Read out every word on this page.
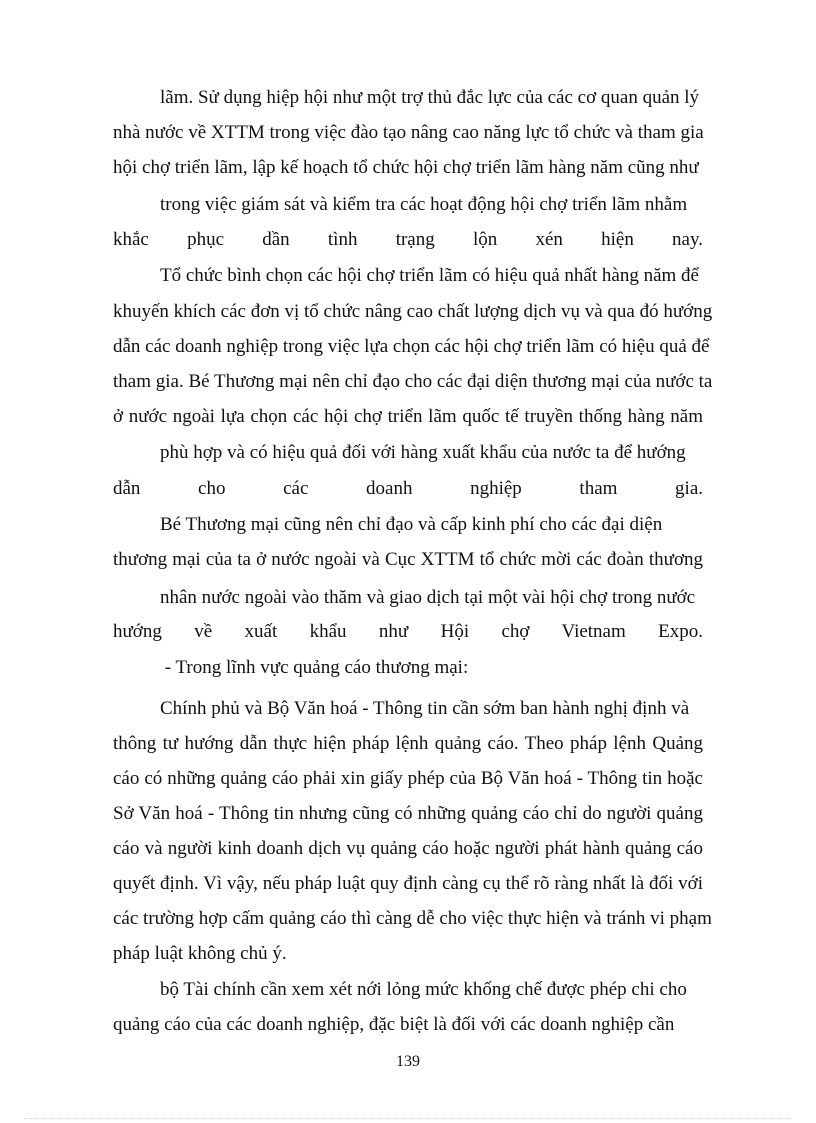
lãm. Sử dụng hiệp hội như một trợ thủ đắc lực của các cơ quan quản lý
nhà nước về XTTM trong việc đào tạo nâng cao năng lực tổ chức và tham gia
hội chợ triển lãm, lập kế hoạch tổ chức hội chợ triển lãm hàng năm cũng như
trong việc giám sát và kiểm tra các hoạt động hội chợ triển lãm nhằm
khắc phục dần tình trạng lộn xén hiện nay.
Tổ chức bình chọn các hội chợ triển lãm có hiệu quả nhất hàng năm để
khuyến khích các đơn vị tổ chức nâng cao chất lượng dịch vụ và qua đó hướng
dẫn các doanh nghiệp trong việc lựa chọn các hội chợ triển lãm có hiệu quả để
tham gia. Bé Thương mại nên chỉ đạo cho các đại diện thương mại của nước ta
ở nước ngoài lựa chọn các hội chợ triển lãm quốc tế truyền thống hàng năm
phù hợp và có hiệu quả đối với hàng xuất khẩu của nước ta để hướng
dẫn cho các doanh nghiệp tham gia.
Bé Thương mại cũng nên chỉ đạo và cấp kinh phí cho các đại diện
thương mại của ta ở nước ngoài và Cục XTTM tổ chức mời các đoàn thương
nhân nước ngoài vào thăm và giao dịch tại một vài hội chợ trong nước
hướng về xuất khẩu như Hội chợ Vietnam Expo.
- Trong lĩnh vực quảng cáo thương mại:
Chính phủ và Bộ Văn hoá - Thông tin cần sớm ban hành nghị định và
thông tư hướng dẫn thực hiện pháp lệnh quảng cáo. Theo pháp lệnh Quảng
cáo có những quảng cáo phải xin giấy phép của Bộ Văn hoá - Thông tin hoặc
Sở Văn hoá - Thông tin nhưng cũng có những quảng cáo chỉ do người quảng
cáo và người kinh doanh dịch vụ quảng cáo hoặc người phát hành quảng cáo
quyết định. Vì vậy, nếu pháp luật quy định càng cụ thể rõ ràng nhất là đối với
các trường hợp cấm quảng cáo thì càng dễ cho việc thực hiện và tránh vi phạm
pháp luật không chủ ý.
bộ Tài chính cần xem xét nới lỏng mức khống chế được phép chi cho
quảng cáo của các doanh nghiệp, đặc biệt là đối với các doanh nghiệp cần
139
